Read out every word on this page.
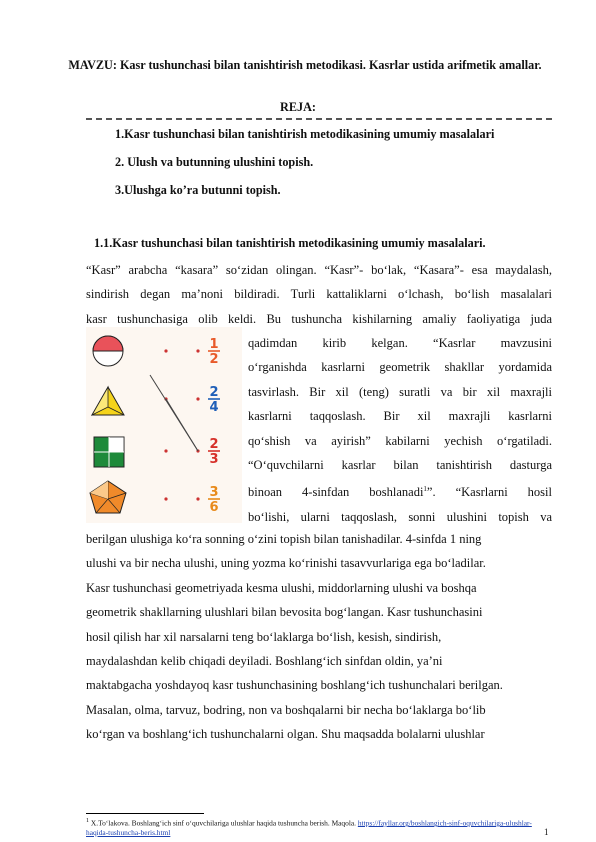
MAVZU: Kasr tushunchasi bilan tanishtirish metodikasi. Kasrlar ustida arifmetik amallar.
REJA:
1.Kasr tushunchasi bilan tanishtirish metodikasining umumiy masalalari
2. Ulush va butunning ulushini topish.
3.Ulushga ko’ra butunni topish.
1.1.Kasr tushunchasi bilan tanishtirish metodikasining umumiy masalalari.
“Kasr” arabcha “kasara” so‘zidan olingan. “Kasr”- bo‘lak, “Kasara”- esa maydalash,
sindirish degan ma’noni bildiradi. Turli kattaliklarni o‘lchash, bo‘lish masalalari
kasr tushunchasiga olib keldi. Bu tushuncha kishilarning amaliy faoliyatiga juda
1
2
2
4
2
3
3
6
qadimdan kirib kelgan. “Kasrlar mavzusini
o‘rganishda kasrlarni geometrik shakllar yordamida
tasvirlash. Bir xil (teng) suratli va bir xil maxrajli
kasrlarni taqqoslash. Bir xil maxrajli kasrlarni
qo‘shish va ayirish” kabilarni yechish o‘rgatiladi.
“O‘quvchilarni kasrlar bilan tanishtirish dasturga
binoan 4-sinfdan boshlanadi$^1$”. “Kasrlarni hosil
bo‘lishi, ularni taqqoslash, sonni ulushini topish va
berilgan ulushiga ko‘ra sonning o‘zini topish bilan tanishadilar. 4-sinfda 1 ning
ulushi va bir necha ulushi, uning yozma ko‘rinishi tasavvurlariga ega bo‘ladilar.
Kasr tushunchasi geometriyada kesma ulushi, middorlarning ulushi va boshqa
geometrik shakllarning ulushlari bilan bevosita bog‘langan. Kasr tushunchasini
hosil qilish har xil narsalarni teng bo‘laklarga bo‘lish, kesish, sindirish,
maydalashdan kelib chiqadi deyiladi. Boshlang‘ich sinfdan oldin, ya’ni
maktabgacha yoshdayoq kasr tushunchasining boshlang‘ich tushunchalari berilgan.
Masalan, olma, tarvuz, bodring, non va boshqalarni bir necha bo‘laklarga bo‘lib
ko‘rgan va boshlang‘ich tushunchalarni olgan. Shu maqsadda bolalarni ulushlar
$^1$ X.To‘lakova. Boshlang‘ich sinf o‘quvchilariga ulushlar haqida tushuncha berish. Maqola. https://fayllar.org/boshlangich-sinf-oquvchilariga-ulushlar-haqida-tushuncha-beris.html	1
